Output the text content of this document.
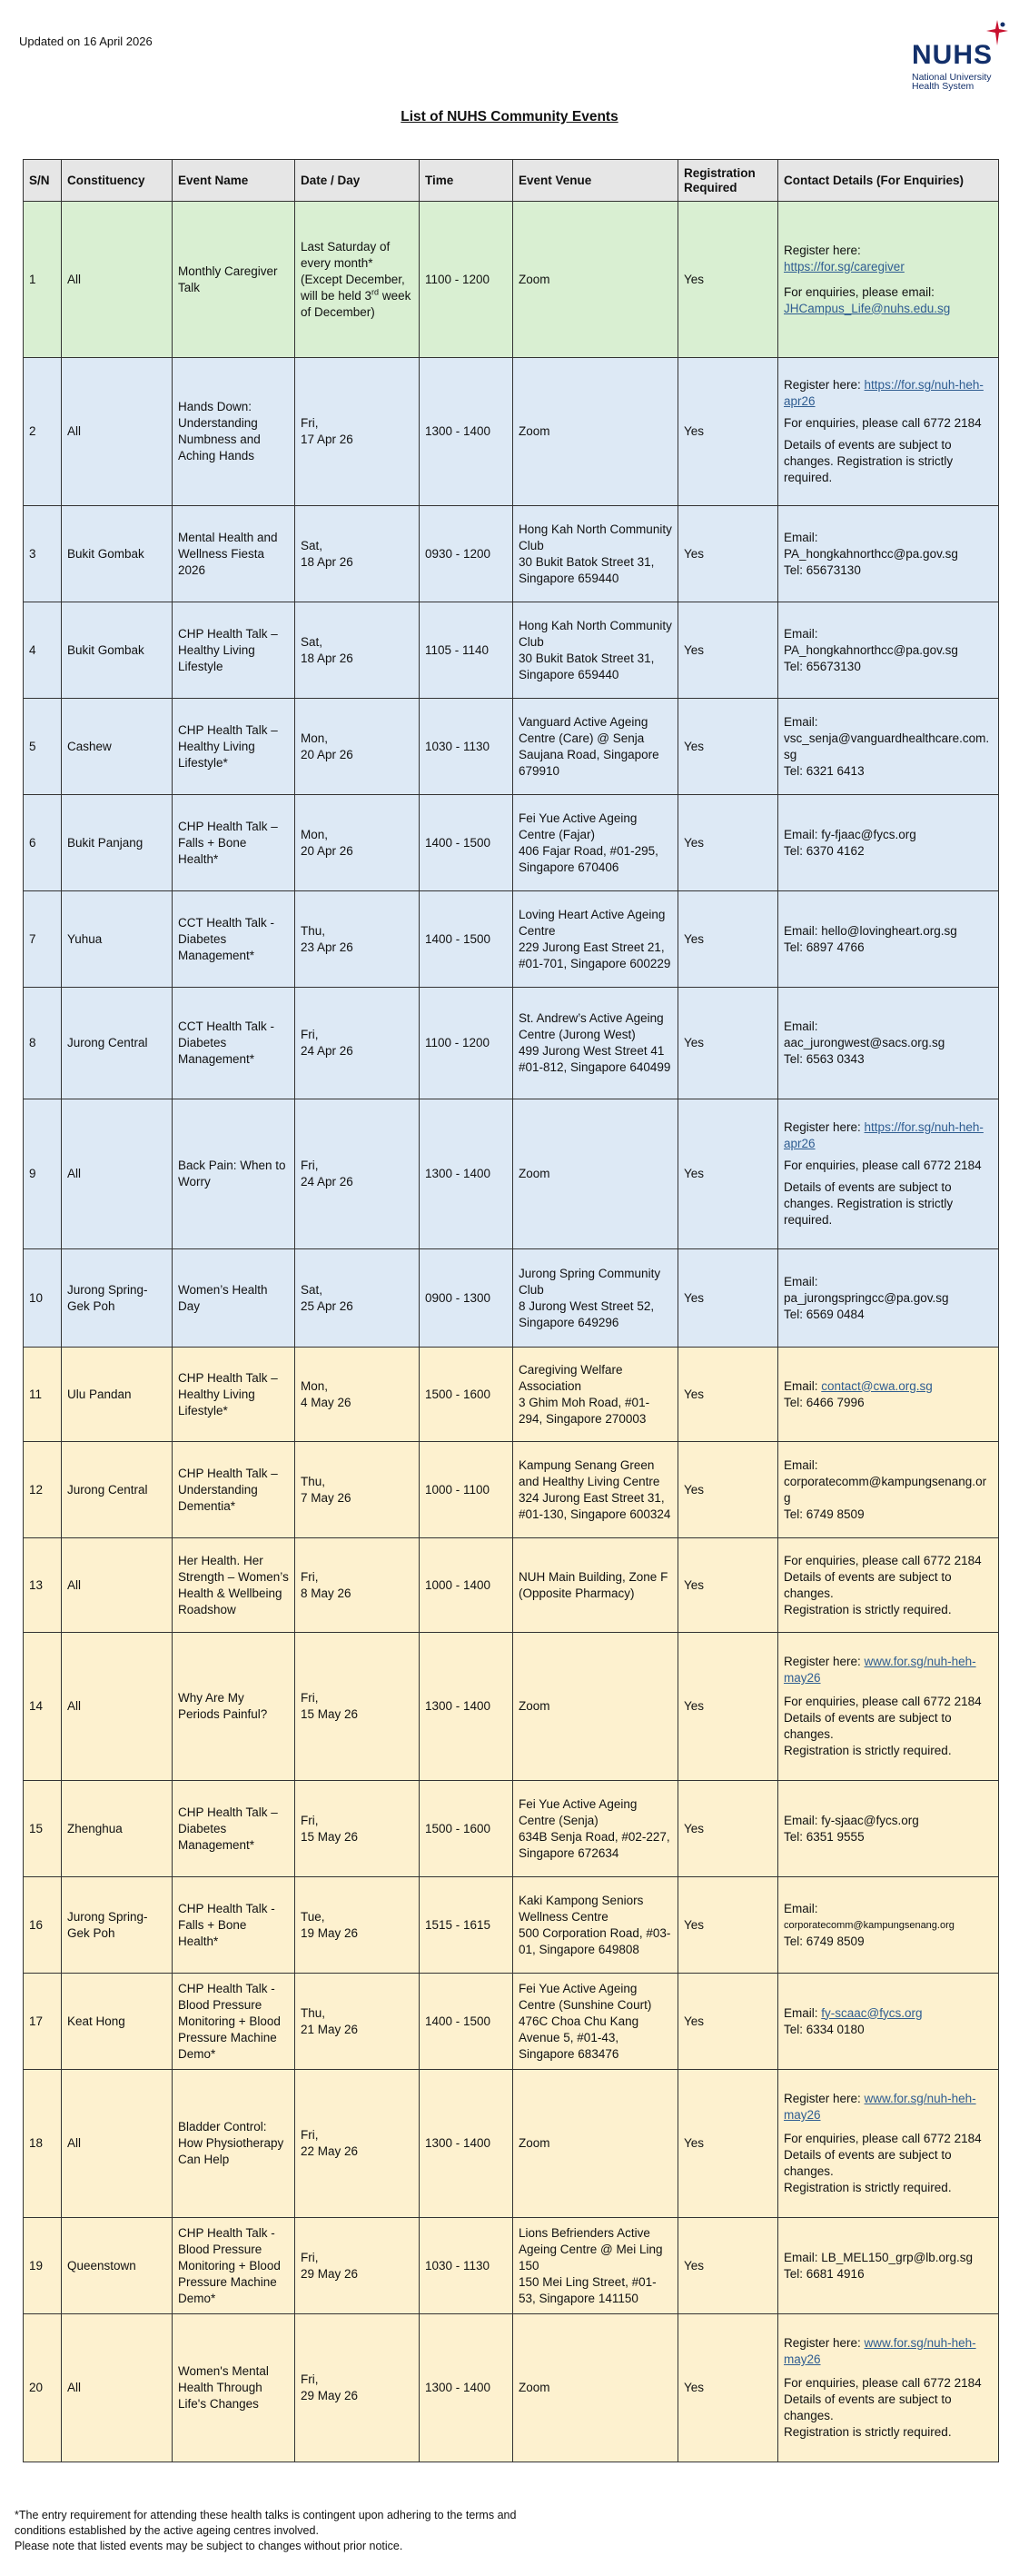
Updated on 16 April 2026	NUHS
National University
Health System
List of NUHS Community Events
S/N	Constituency	Event Name	Date / Day	Time	Event Venue	Registration Required	Contact Details (For Enquiries)
1	All	Monthly Caregiver Talk	Last Saturday of every month*
(Except December, will be held 3rd week of December)	1100 - 1200	Zoom	Yes	Register here:
https://for.sg/caregiver
For enquiries, please email:
JHCampus_Life@nuhs.edu.sg

2	All	Hands Down: Understanding Numbness and Aching Hands	Fri,
17 Apr 26	1300 - 1400	Zoom	Yes	Register here: https://for.sg/nuh-heh-apr26
For enquiries, please call 6772 2184
Details of events are subject to changes. Registration is strictly required.

3	Bukit Gombak	Mental Health and Wellness Fiesta 2026	Sat,
18 Apr 26	0930 - 1200	Hong Kah North Community Club
30 Bukit Batok Street 31, Singapore 659440	Yes	Email:
PA_hongkahnorthcc@pa.gov.sg
Tel: 65673130

4	Bukit Gombak	CHP Health Talk – Healthy Living Lifestyle	Sat,
18 Apr 26	1105 - 1140	Hong Kah North Community Club
30 Bukit Batok Street 31, Singapore 659440	Yes	Email:
PA_hongkahnorthcc@pa.gov.sg
Tel: 65673130

5	Cashew	CHP Health Talk – Healthy Living Lifestyle*	Mon,
20 Apr 26	1030 - 1130	Vanguard Active Ageing Centre (Care) @ Senja Saujana Road, Singapore 679910	Yes	Email:
vsc_senja@vanguardhealthcare.com.sg
Tel: 6321 6413

6	Bukit Panjang	CHP Health Talk – Falls + Bone Health*	Mon,
20 Apr 26	1400 - 1500	Fei Yue Active Ageing Centre (Fajar)
406 Fajar Road, #01-295, Singapore 670406	Yes	Email: fy-fjaac@fycs.org
Tel: 6370 4162

7	Yuhua	CCT Health Talk - Diabetes Management*	Thu,
23 Apr 26	1400 - 1500	Loving Heart Active Ageing Centre
229 Jurong East Street 21, #01-701, Singapore 600229	Yes	Email: hello@lovingheart.org.sg
Tel: 6897 4766

8	Jurong Central	CCT Health Talk - Diabetes Management*	Fri,
24 Apr 26	1100 - 1200	St. Andrew’s Active Ageing Centre (Jurong West)
499 Jurong West Street 41 #01-812, Singapore 640499	Yes	Email:
aac_jurongwest@sacs.org.sg
Tel: 6563 0343

9	All	Back Pain: When to Worry	Fri,
24 Apr 26	1300 - 1400	Zoom	Yes	Register here: https://for.sg/nuh-heh-apr26
For enquiries, please call 6772 2184
Details of events are subject to changes. Registration is strictly required.

10	Jurong Spring-Gek Poh	Women’s Health Day	Sat,
25 Apr 26	0900 - 1300	Jurong Spring Community Club
8 Jurong West Street 52, Singapore 649296	Yes	Email:
pa_jurongspringcc@pa.gov.sg
Tel: 6569 0484

11	Ulu Pandan	CHP Health Talk – Healthy Living Lifestyle*	Mon,
4 May 26	1500 - 1600	Caregiving Welfare Association
3 Ghim Moh Road, #01-294, Singapore 270003	Yes	Email: contact@cwa.org.sg
Tel: 6466 7996

12	Jurong Central	CHP Health Talk – Understanding Dementia*	Thu,
7 May 26	1000 - 1100	Kampung Senang Green and Healthy Living Centre 324 Jurong East Street 31, #01-130, Singapore 600324	Yes	Email:
corporatecomm@kampungsenang.org
Tel: 6749 8509

13	All	Her Health. Her Strength – Women’s Health & Wellbeing Roadshow	Fri,
8 May 26	1000 - 1400	NUH Main Building, Zone F (Opposite Pharmacy)	Yes	For enquiries, please call 6772 2184
Details of events are subject to changes.
Registration is strictly required.

14	All	Why Are My Periods Painful?	Fri,
15 May 26	1300 - 1400	Zoom	Yes	Register here: www.for.sg/nuh-heh-may26
For enquiries, please call 6772 2184
Details of events are subject to changes.
Registration is strictly required.

15	Zhenghua	CHP Health Talk – Diabetes Management*	Fri,
15 May 26	1500 - 1600	Fei Yue Active Ageing Centre (Senja)
634B Senja Road, #02-227, Singapore 672634	Yes	Email: fy-sjaac@fycs.org
Tel: 6351 9555

16	Jurong Spring-Gek Poh	CHP Health Talk - Falls + Bone Health*	Tue,
19 May 26	1515 - 1615	Kaki Kampong Seniors Wellness Centre
500 Corporation Road, #03-01, Singapore 649808	Yes	Email:
corporatecomm@kampungsenang.org
Tel: 6749 8509

17	Keat Hong	CHP Health Talk - Blood Pressure Monitoring + Blood Pressure Machine Demo*	Thu,
21 May 26	1400 - 1500	Fei Yue Active Ageing Centre (Sunshine Court)
476C Choa Chu Kang Avenue 5, #01-43, Singapore 683476	Yes	Email: fy-scaac@fycs.org
Tel: 6334 0180

18	All	Bladder Control: How Physiotherapy Can Help	Fri,
22 May 26	1300 - 1400	Zoom	Yes	Register here: www.for.sg/nuh-heh-may26
For enquiries, please call 6772 2184
Details of events are subject to changes.
Registration is strictly required.

19	Queenstown	CHP Health Talk - Blood Pressure Monitoring + Blood Pressure Machine Demo*	Fri,
29 May 26	1030 - 1130	Lions Befrienders Active Ageing Centre @ Mei Ling 150
150 Mei Ling Street, #01-53, Singapore 141150	Yes	Email: LB_MEL150_grp@lb.org.sg
Tel: 6681 4916

20	All	Women's Mental Health Through Life's Changes	Fri,
29 May 26	1300 - 1400	Zoom	Yes	Register here: www.for.sg/nuh-heh-may26
For enquiries, please call 6772 2184
Details of events are subject to changes.
Registration is strictly required.
*The entry requirement for attending these health talks is contingent upon adhering to the terms and
conditions established by the active ageing centres involved.
Please note that listed events may be subject to changes without prior notice.
